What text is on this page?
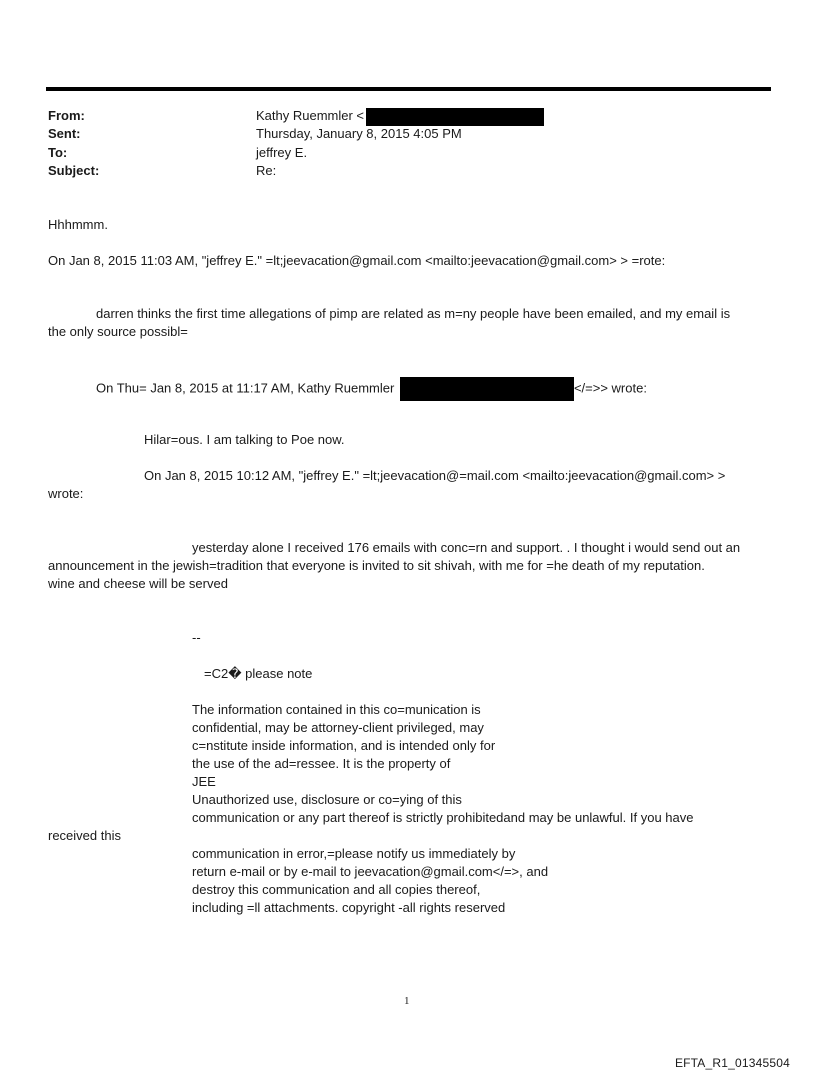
From:	Kathy Ruemmler <
Sent:	Thursday, January 8, 2015 4:05 PM
To:	jeffrey E.
Subject:	Re:
Hhhmmm.
On Jan 8, 2015 11:03 AM, "jeffrey E." =lt;jeevacation@gmail.com <mailto:jeevacation@gmail.com> > =rote:
darren thinks the first time allegations of pimp are related as m=ny people have been emailed, and my email is
the only source possibl=
On Thu= Jan 8, 2015 at 11:17 AM, Kathy Ruemmler	</=>> wrote:
Hilar=ous. I am talking to Poe now.
On Jan 8, 2015 10:12 AM, "jeffrey E." =lt;jeevacation@=mail.com <mailto:jeevacation@gmail.com> >
wrote:
yesterday alone I received 176 emails with conc=rn and support. . I thought i would send out an
announcement in the jewish=tradition that everyone is invited to sit shivah, with me for =he death of my reputation.
wine and cheese will be served
--
=C2� please note
The information contained in this co=munication is
confidential, may be attorney-client privileged, may
c=nstitute inside information, and is intended only for
the use of the ad=ressee. It is the property of
JEE
Unauthorized use, disclosure or co=ying of this
communication or any part thereof is strictly prohibitedand may be unlawful. If you have
received this
communication in error,=please notify us immediately by
return e-mail or by e-mail to jeevacation@gmail.com</=>, and
destroy this communication and all copies thereof,
including =ll attachments. copyright -all rights reserved
1
EFTA_R1_01345504
